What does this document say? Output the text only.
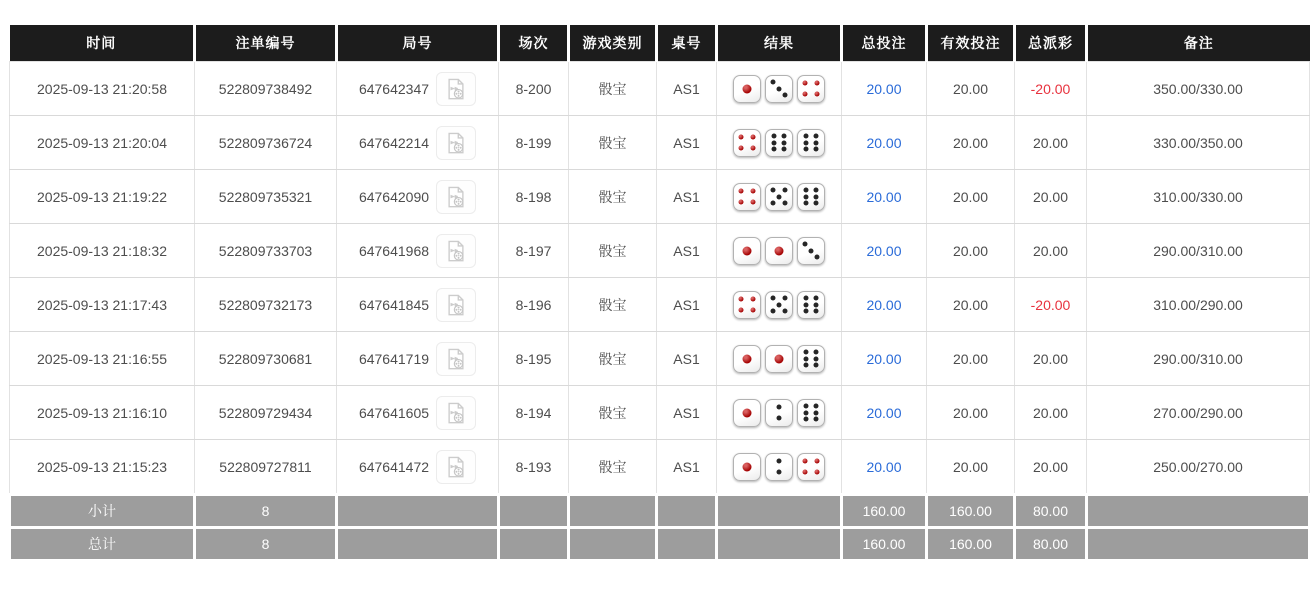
时间	注单编号	局号	场次	游戏类别	桌号	结果	总投注	有效投注	总派彩	备注
2025-09-13 21:20:58	522809738492	647642347	8-200	骰宝	AS1		20.00	20.00	-20.00	350.00/330.00
2025-09-13 21:20:04	522809736724	647642214	8-199	骰宝	AS1		20.00	20.00	20.00	330.00/350.00
2025-09-13 21:19:22	522809735321	647642090	8-198	骰宝	AS1		20.00	20.00	20.00	310.00/330.00
2025-09-13 21:18:32	522809733703	647641968	8-197	骰宝	AS1		20.00	20.00	20.00	290.00/310.00
2025-09-13 21:17:43	522809732173	647641845	8-196	骰宝	AS1		20.00	20.00	-20.00	310.00/290.00
2025-09-13 21:16:55	522809730681	647641719	8-195	骰宝	AS1		20.00	20.00	20.00	290.00/310.00
2025-09-13 21:16:10	522809729434	647641605	8-194	骰宝	AS1		20.00	20.00	20.00	270.00/290.00
2025-09-13 21:15:23	522809727811	647641472	8-193	骰宝	AS1		20.00	20.00	20.00	250.00/270.00
小计	8						160.00	160.00	80.00	
总计	8						160.00	160.00	80.00	
